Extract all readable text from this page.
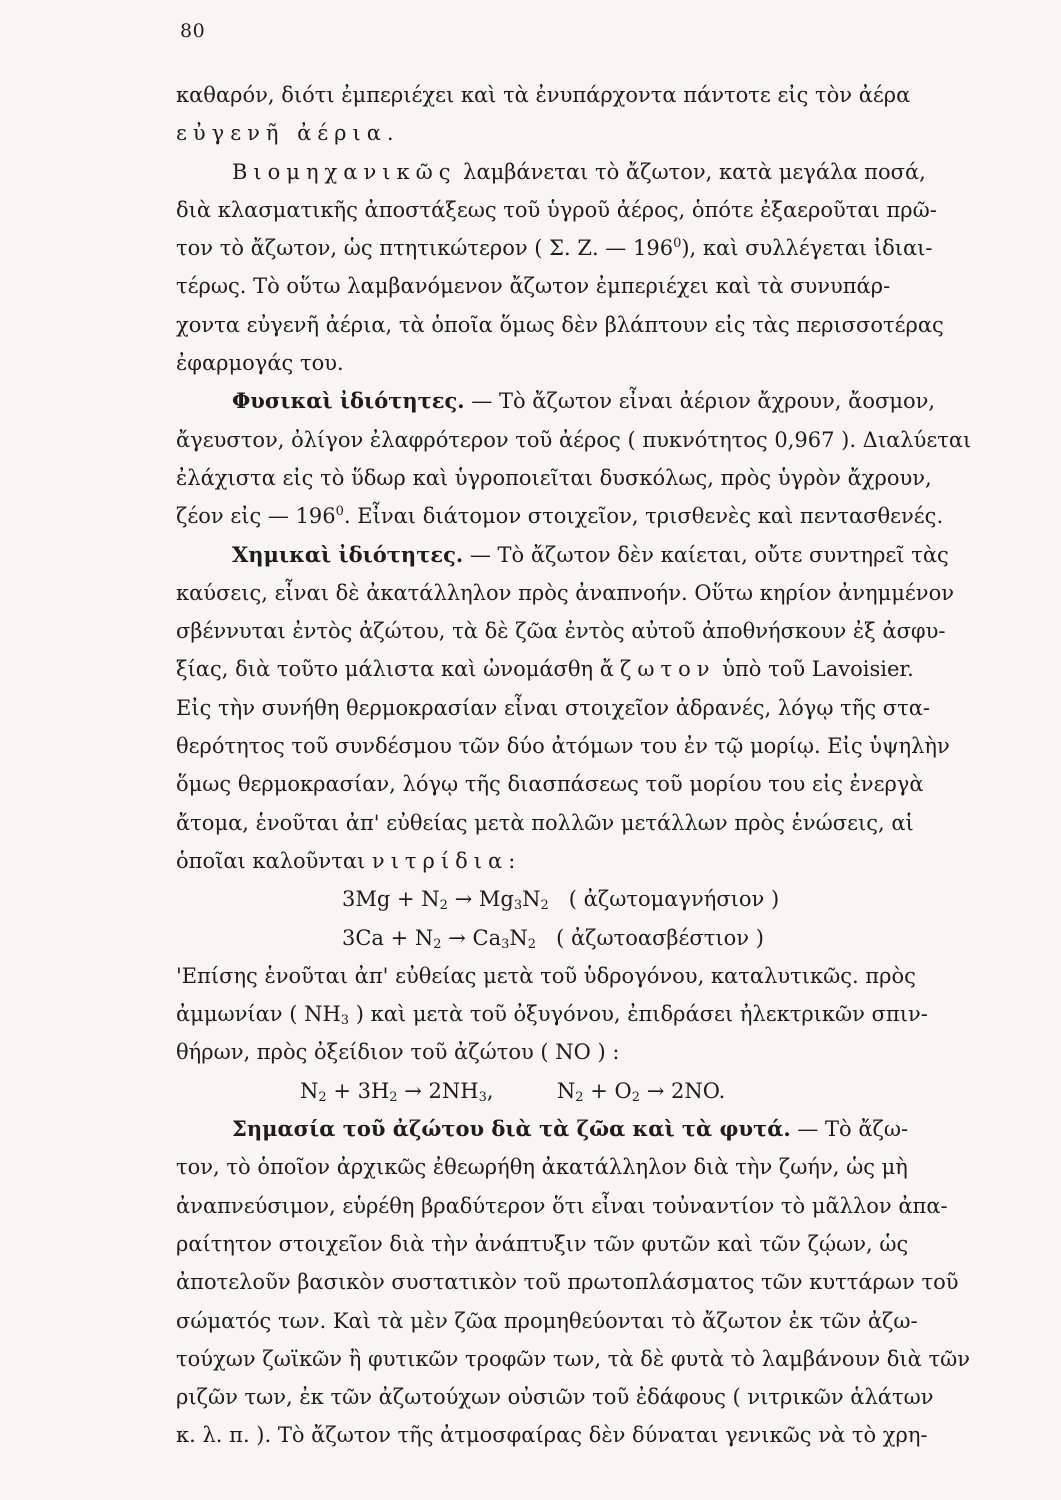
80
καθαρόν, διότι ἐμπεριέχει καὶ τὰ ἐνυπάρχοντα πάντοτε εἰς τὸν ἀέρα
εὐγενῆ ἀέρια.
Βιομηχανικῶς λαμβάνεται τὸ ἄζωτον, κατὰ μεγάλα ποσά,
διὰ κλασματικῆς ἀποστάξεως τοῦ ὑγροῦ ἀέρος, ὁπότε ἐξαεροῦται πρῶ-
τον τὸ ἄζωτον, ὡς πτητικώτερον ( Σ. Ζ. — $196^0$), καὶ συλλέγεται ἰδιαι-
τέρως. Τὸ οὕτω λαμβανόμενον ἄζωτον ἐμπεριέχει καὶ τὰ συνυπάρ-
χοντα εὐγενῆ ἀέρια, τὰ ὁποῖα ὅμως δὲν βλάπτουν εἰς τὰς περισσοτέρας
ἐφαρμογάς του.
Φυσικαὶ ἰδιότητες. — Τὸ ἄζωτον εἶναι ἀέριον ἄχρουν, ἄοσμον,
ἄγευστον, ὀλίγον ἐλαφρότερον τοῦ ἀέρος ( πυκνότητος 0,967 ). Διαλύεται
ἐλάχιστα εἰς τὸ ὕδωρ καὶ ὑγροποιεῖται δυσκόλως, πρὸς ὑγρὸν ἄχρουν,
ζέον εἰς — $196^0$. Εἶναι διάτομον στοιχεῖον, τρισθενὲς καὶ πεντασθενές.
Χημικαὶ ἰδιότητες. — Τὸ ἄζωτον δὲν καίεται, οὔτε συντηρεῖ τὰς
καύσεις, εἶναι δὲ ἀκατάλληλον πρὸς ἀναπνοήν. Οὕτω κηρίον ἀνημμένον
σβέννυται ἐντὸς ἀζώτου, τὰ δὲ ζῶα ἐντὸς αὐτοῦ ἀποθνήσκουν ἐξ ἀσφυ-
ξίας, διὰ τοῦτο μάλιστα καὶ ὠνομάσθη ἄζωτον ὑπὸ τοῦ Lavoisier.
Εἰς τὴν συνήθη θερμοκρασίαν εἶναι στοιχεῖον ἀδρανές, λόγῳ τῆς στα-
θερότητος τοῦ συνδέσμου τῶν δύο ἀτόμων του ἐν τῷ μορίῳ. Εἰς ὑψηλὴν
ὅμως θερμοκρασίαν, λόγῳ τῆς διασπάσεως τοῦ μορίου του εἰς ἐνεργὰ
ἄτομα, ἑνοῦται ἀπ' εὐθείας μετὰ πολλῶν μετάλλων πρὸς ἑνώσεις, αἱ
ὁποῖαι καλοῦνται νιτρίδια:
$3Mg + N_2 \to Mg_3N_2$   ( ἀζωτομαγνήσιον )
$3Ca + N_2 \to Ca_3N_2$   ( ἀζωτοασβέστιον )
'Επίσης ἑνοῦται ἀπ' εὐθείας μετὰ τοῦ ὑδρογόνου, καταλυτικῶς. πρὸς
ἀμμωνίαν ( $NH_3$ ) καὶ μετὰ τοῦ ὀξυγόνου, ἐπιδράσει ἠλεκτρικῶν σπιν-
θήρων, πρὸς ὀξείδιον τοῦ ἀζώτου ( NO ) :
$N_2 + 3H_2 \to 2NH_3$,	$N_2 + O_2 \to 2NO$.
Σημασία τοῦ ἀζώτου διὰ τὰ ζῶα καὶ τὰ φυτά. — Τὸ ἄζω-
τον, τὸ ὁποῖον ἀρχικῶς ἐθεωρήθη ἀκατάλληλον διὰ τὴν ζωήν, ὡς μὴ
ἀναπνεύσιμον, εὑρέθη βραδύτερον ὅτι εἶναι τοὐναντίον τὸ μᾶλλον ἀπα-
ραίτητον στοιχεῖον διὰ τὴν ἀνάπτυξιν τῶν φυτῶν καὶ τῶν ζῴων, ὡς
ἀποτελοῦν βασικὸν συστατικὸν τοῦ πρωτοπλάσματος τῶν κυττάρων τοῦ
σώματός των. Καὶ τὰ μὲν ζῶα προμηθεύονται τὸ ἄζωτον ἐκ τῶν ἀζω-
τούχων ζωϊκῶν ἢ φυτικῶν τροφῶν των, τὰ δὲ φυτὰ τὸ λαμβάνουν διὰ τῶν
ριζῶν των, ἐκ τῶν ἀζωτούχων οὐσιῶν τοῦ ἐδάφους ( νιτρικῶν ἁλάτων
κ. λ. π. ). Τὸ ἄζωτον τῆς ἀτμοσφαίρας δὲν δύναται γενικῶς νὰ τὸ χρη-
